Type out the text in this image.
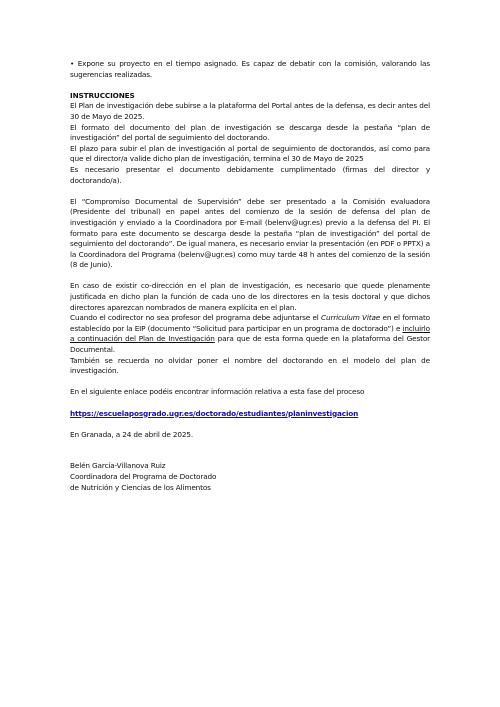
• Expone su proyecto en el tiempo asignado. Es capaz de debatir con la comisión, valorando las sugerencias realizadas.

INSTRUCCIONES

El Plan de investigación debe subirse a la plataforma del Portal antes de la defensa, es decir antes del 30 de Mayo de 2025.

El formato del documento del plan de investigación se descarga desde la pestaña “plan de investigación” del portal de seguimiento del doctorando.

El plazo para subir el plan de investigación al portal de seguimiento de doctorandos, así como para que el director/a valide dicho plan de investigación, termina el 30 de Mayo de 2025

Es necesario presentar el documento debidamente cumplimentado (firmas del director y doctorando/a).

El “Compromiso Documental de Supervisión” debe ser presentado a la Comisión evaluadora (Presidente del tribunal) en papel antes del comienzo de la sesión de defensa del plan de investigación y enviado a la Coordinadora por E-mail (belenv@ugr.es) previo a la defensa del PI. El formato para este documento se descarga desde la pestaña “plan de investigación” del portal de seguimiento del doctorando”. De igual manera, es necesario enviar la presentación (en PDF o PPTX) a la Coordinadora del Programa (belenv@ugr.es) como muy tarde 48 h antes del comienzo de la sesión (8 de Junio).

En caso de existir co-dirección en el plan de investigación, es necesario que quede plenamente justificada en dicho plan la función de cada uno de los directores en la tesis doctoral y que dichos directores aparezcan nombrados de manera explícita en el plan.

Cuando el codirector no sea profesor del programa debe adjuntarse el Curriculum Vitae en el formato establecido por la EIP (documento “Solicitud para participar en un programa de doctorado”) e incluirlo a continuación del Plan de Investigación para que de esta forma quede en la plataforma del Gestor Documental.

También se recuerda no olvidar poner el nombre del doctorando en el modelo del plan de investigación.

En el siguiente enlace podéis encontrar información relativa a esta fase del proceso

https://escuelaposgrado.ugr.es/doctorado/estudiantes/planinvestigacion

En Granada, a 24 de abril de 2025.

Belén García-Villanova Ruiz

Coordinadora del Programa de Doctorado

de Nutrición y Ciencias de los Alimentos
